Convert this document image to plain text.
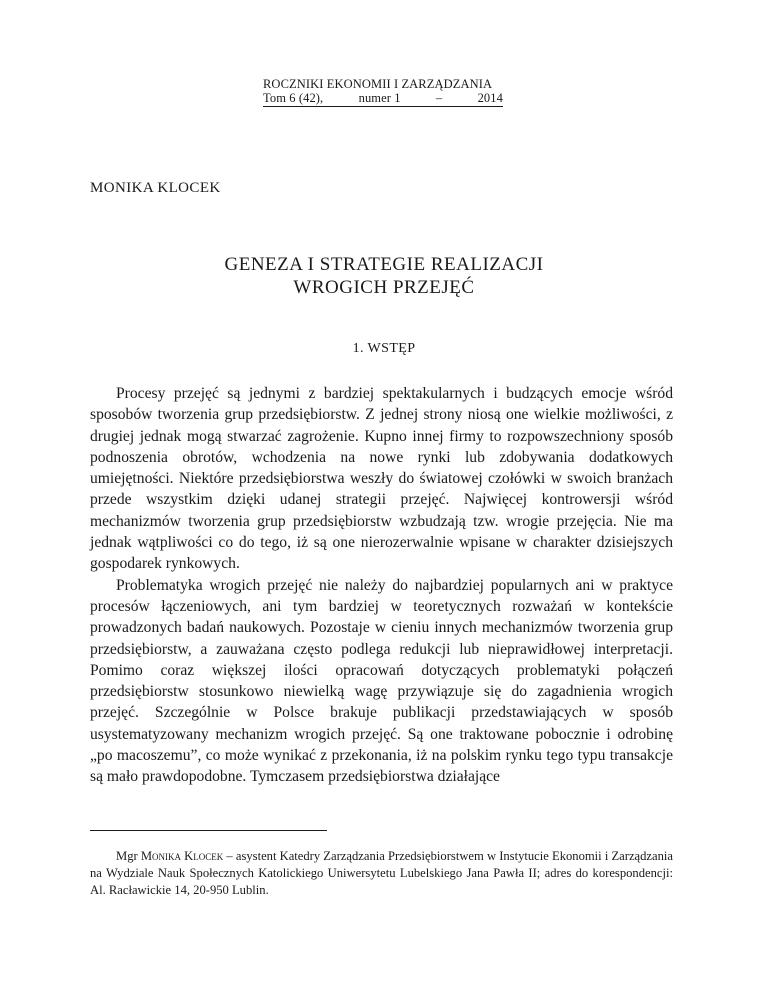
ROCZNIKI EKONOMII I ZARZĄDZANIA
Tom 6 (42),	numer 1	–	2014
MONIKA KLOCEK
GENEZA I STRATEGIE REALIZACJI
WROGICH PRZEJĘĆ
1. WSTĘP

Procesy przejęć są jednymi z bardziej spektakularnych i budzących emocje wśród sposobów tworzenia grup przedsiębiorstw. Z jednej strony niosą one wielkie możliwości, z drugiej jednak mogą stwarzać zagrożenie. Kupno innej firmy to rozpowszechniony sposób podnoszenia obrotów, wchodzenia na nowe rynki lub zdobywania dodatkowych umiejętności. Niektóre przedsiębiorstwa weszły do światowej czołówki w swoich branżach przede wszystkim dzięki udanej strategii przejęć. Najwięcej kontrowersji wśród mechanizmów tworzenia grup przedsiębiorstw wzbudzają tzw. wrogie przejęcia. Nie ma jednak wątpliwości co do tego, iż są one nierozerwalnie wpisane w charakter dzisiejszych gospodarek rynkowych.

Problematyka wrogich przejęć nie należy do najbardziej popularnych ani w praktyce procesów łączeniowych, ani tym bardziej w teoretycznych rozważań w kontekście prowadzonych badań naukowych. Pozostaje w cieniu innych mechanizmów tworzenia grup przedsiębiorstw, a zauważana często podlega redukcji lub nieprawidłowej interpretacji. Pomimo coraz większej ilości opracowań dotyczących problematyki połączeń przedsiębiorstw stosunkowo niewielką wagę przywiązuje się do zagadnienia wrogich przejęć. Szczególnie w Polsce brakuje publikacji przedstawiających w sposób usystematyzowany mechanizm wrogich przejęć. Są one traktowane pobocznie i odrobinę „po macoszemu”, co może wynikać z przekonania, iż na polskim rynku tego typu transakcje są mało prawdopodobne. Tymczasem przedsiębiorstwa działające

Mgr Monika Klocek – asystent Katedry Zarządzania Przedsiębiorstwem w Instytucie Ekonomii i Zarządzania na Wydziale Nauk Społecznych Katolickiego Uniwersytetu Lubelskiego Jana Pawła II; adres do korespondencji: Al. Racławickie 14, 20-950 Lublin.
